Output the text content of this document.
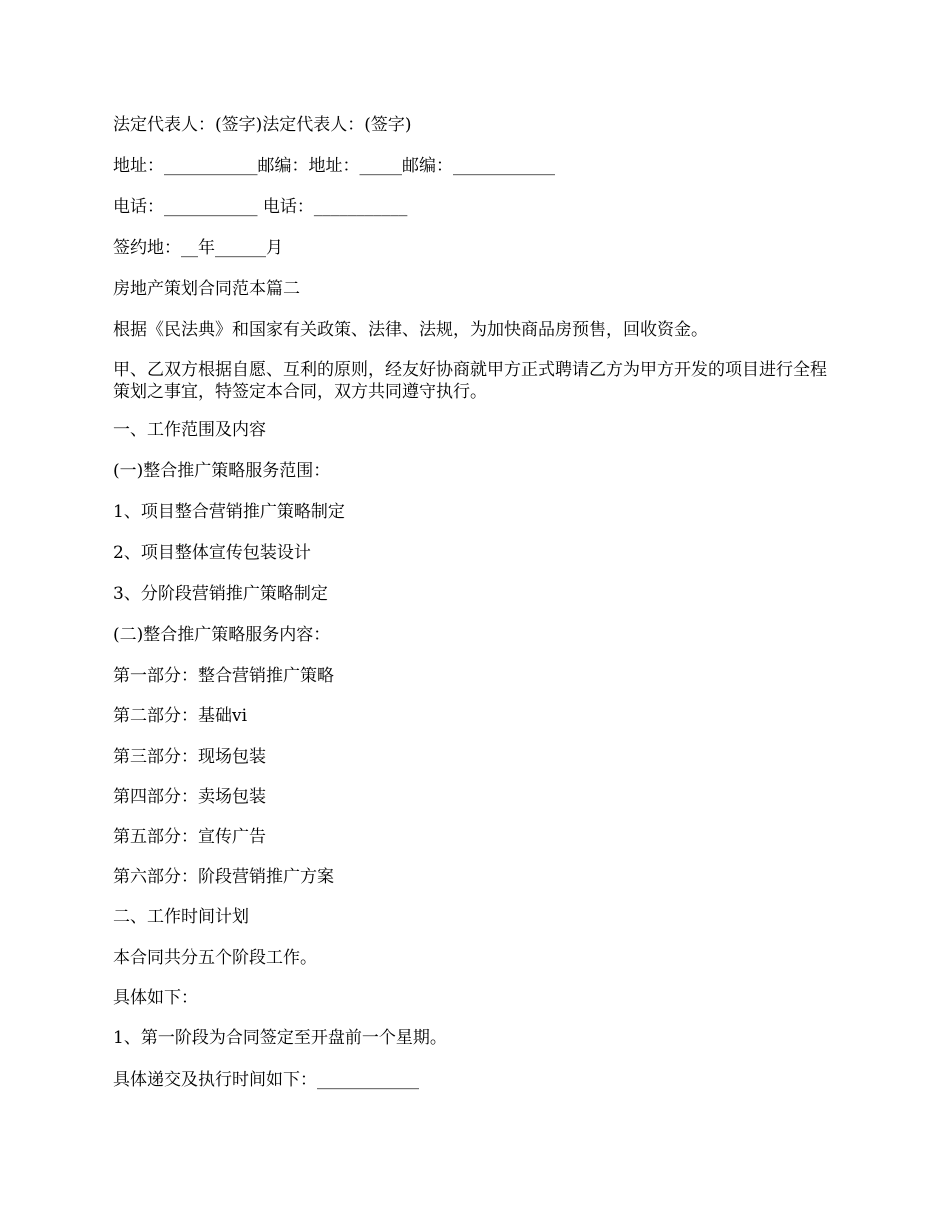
法定代表人：(签字)法定代表人：(签字)

地址：___________邮编：地址：_____邮编：____________

电话：___________ 电话：___________

签约地：__年______月

房地产策划合同范本篇二

根据《民法典》和国家有关政策、法律、法规，为加快商品房预售，回收资金。

甲、乙双方根据自愿、互利的原则，经友好协商就甲方正式聘请乙方为甲方开发的项目进行全程策划之事宜，特签定本合同，双方共同遵守执行。

一、工作范围及内容

(一)整合推广策略服务范围：

1、项目整合营销推广策略制定

2、项目整体宣传包装设计

3、分阶段营销推广策略制定

(二)整合推广策略服务内容：

第一部分：整合营销推广策略

第二部分：基础vi

第三部分：现场包装

第四部分：卖场包装

第五部分：宣传广告

第六部分：阶段营销推广方案

二、工作时间计划

本合同共分五个阶段工作。

具体如下：

1、第一阶段为合同签定至开盘前一个星期。

具体递交及执行时间如下：____________
